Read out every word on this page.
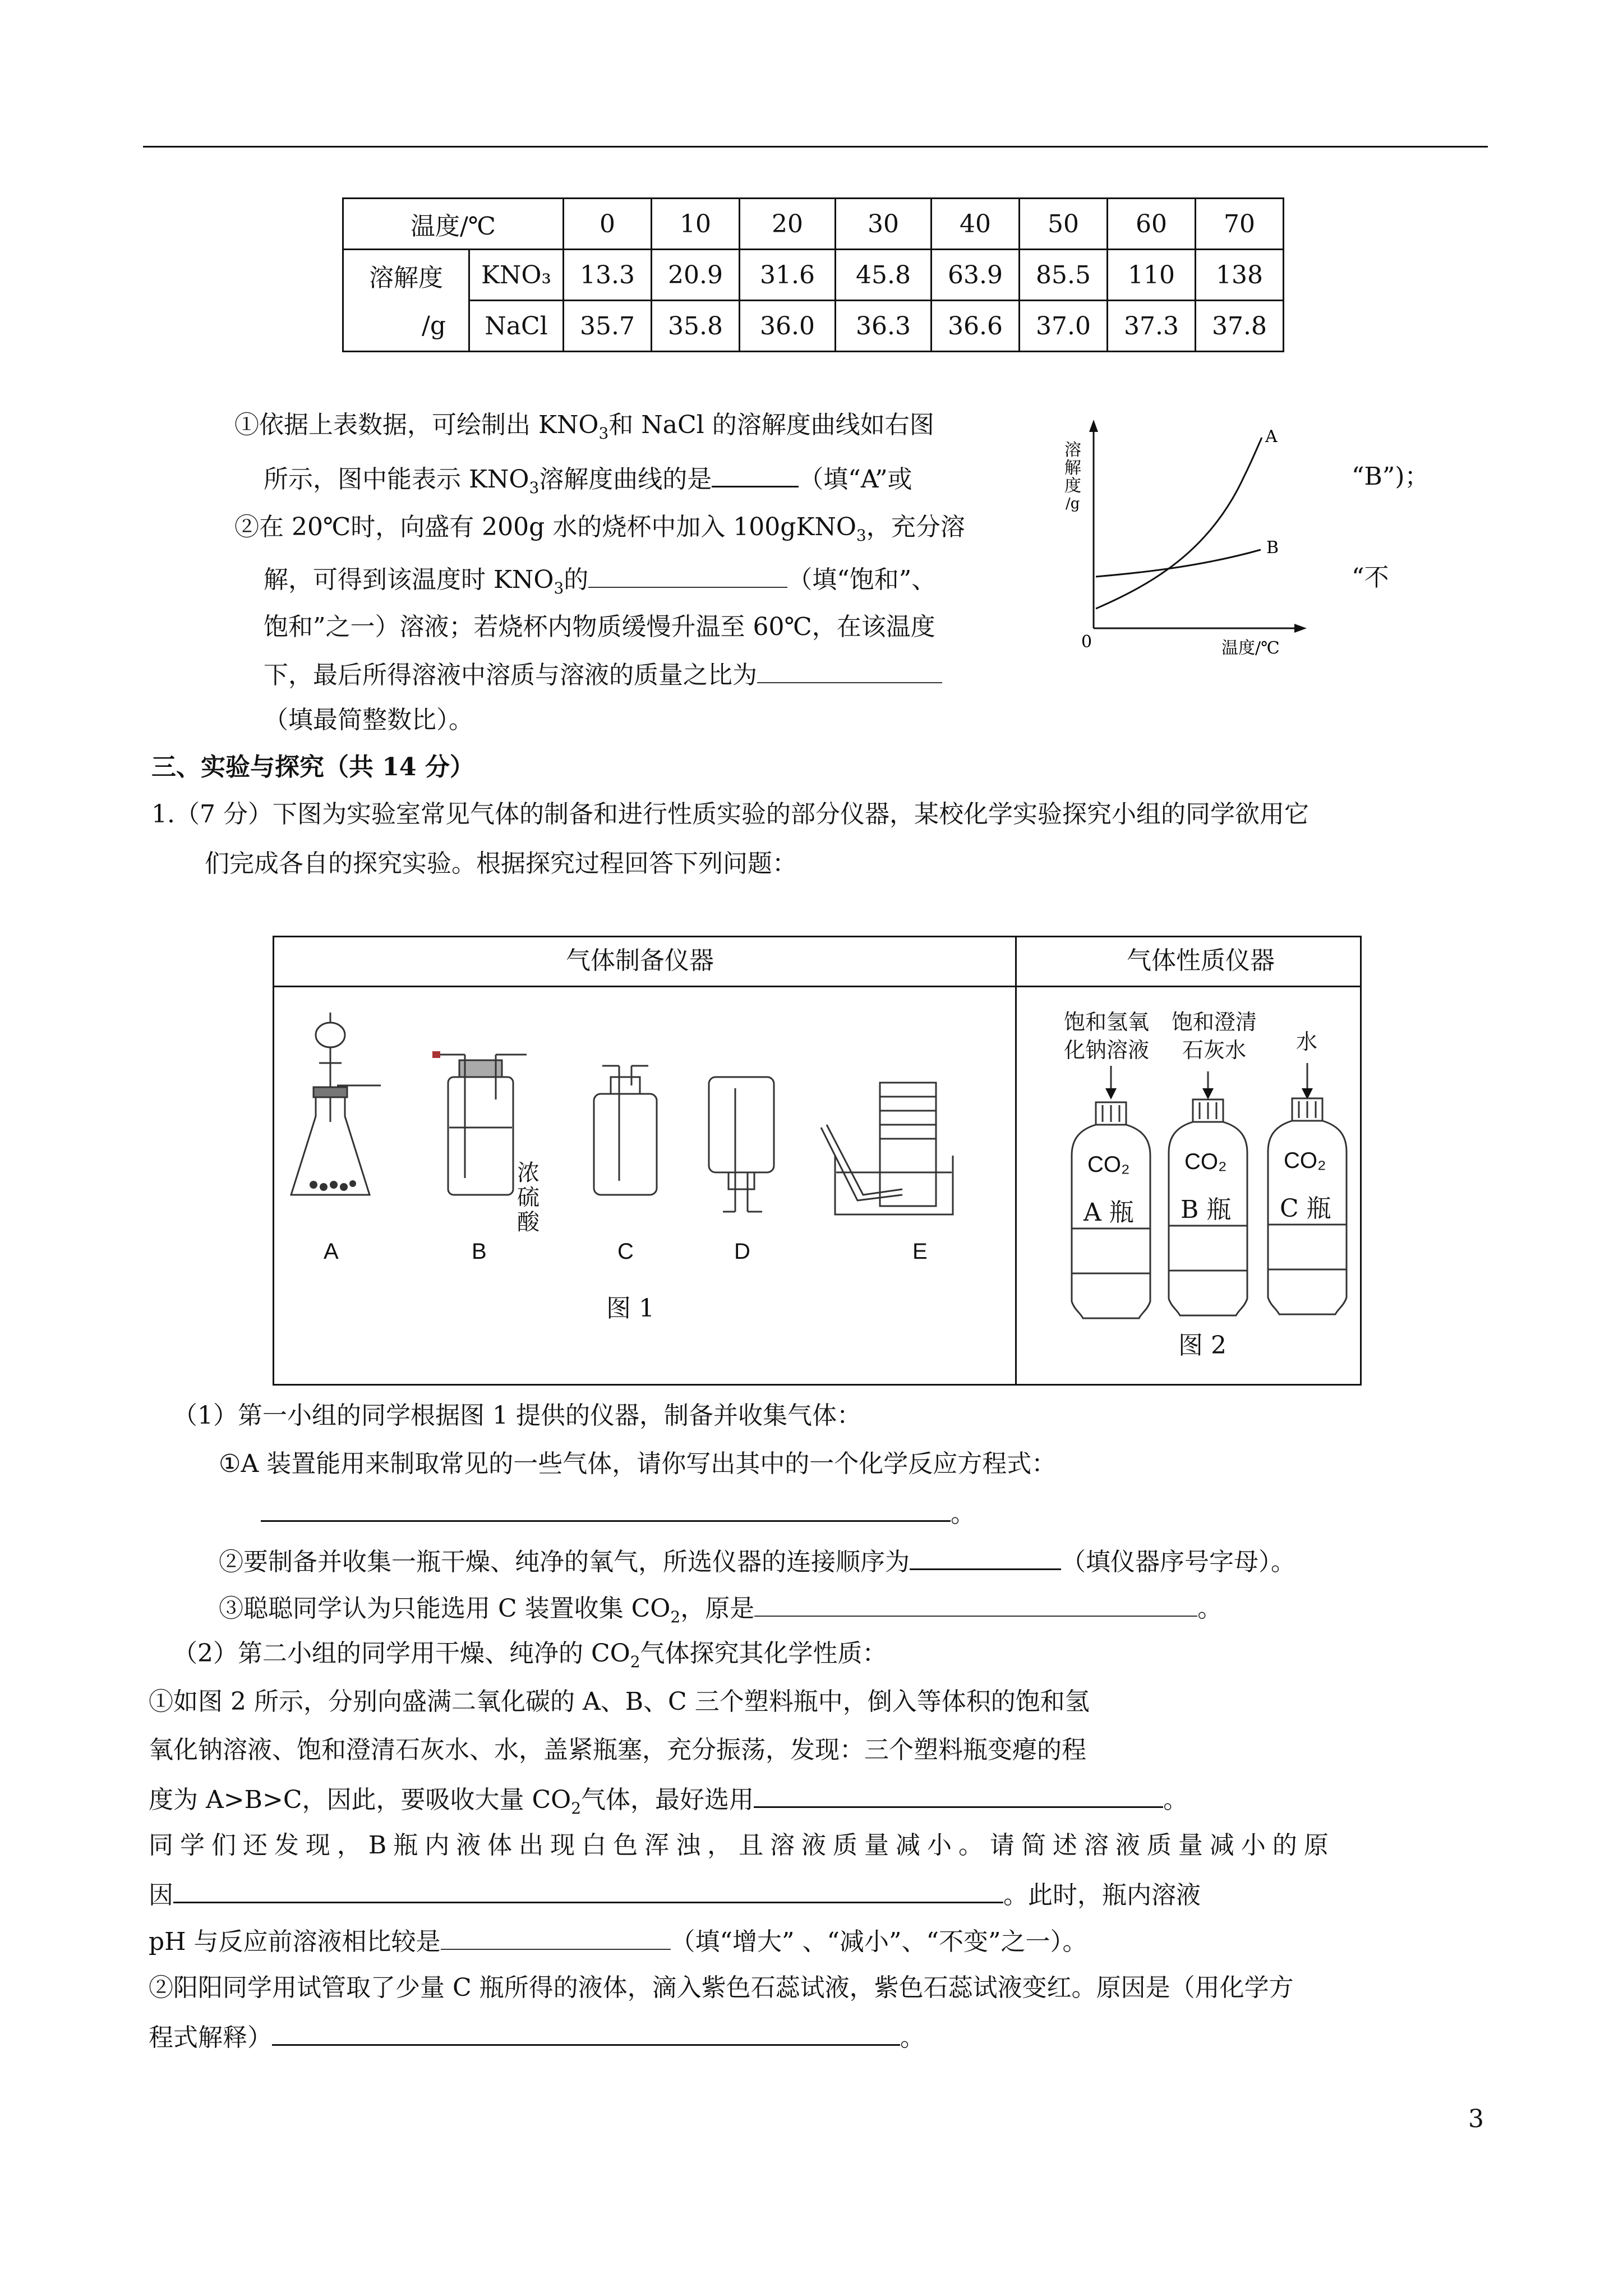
温度/℃		0	10	20	30	40	50	60	70
溶解度	KNO₃	13.3	20.9	31.6	45.8	63.9	85.5	110	138
/g	NaCl	35.7	35.8	36.0	36.3	36.6	37.0	37.3	37.8
①依据上表数据，可绘制出 $KNO_3$和 NaCl 的溶解度曲线如右图
所示，图中能表示 $KNO_3$溶解度曲线的是	（填“A”或	“B”)；
②在 20℃时，向盛有 200g 水的烧杯中加入 100gKNO$_3$，充分溶
解，可得到该温度时 $KNO_3$的	（填“饱和”、	“不
饱和”之一）溶液；若烧杯内物质缓慢升温至 60℃，在该温度
下，最后所得溶液中溶质与溶液的质量之比为
（填最简整数比）。
溶
解
度
/g
0	温度/℃
A
B
三、实验与探究（共 14 分）
1.（7 分）下图为实验室常见气体的制备和进行性质实验的部分仪器，某校化学实验探究小组的同学欲用它
们完成各自的探究实验。根据探究过程回答下列问题：
气体制备仪器	气体性质仪器
浓
硫
酸
A	B	C	D	E
图 1
饱和氢氧
化钠溶液
饱和澄清
石灰水	水
CO₂ CO₂	CO₂
A 瓶 B 瓶 C 瓶
图 2
（1）第一小组的同学根据图 1 提供的仪器，制备并收集气体：
①A 装置能用来制取常见的一些气体，请你写出其中的一个化学反应方程式：
。
②要制备并收集一瓶干燥、纯净的氧气，所选仪器的连接顺序为	（填仪器序号字母）。
③聪聪同学认为只能选用 C 装置收集 $CO_2$，原是	。
（2）第二小组的同学用干燥、纯净的 $CO_2$气体探究其化学性质：
①如图 2 所示，分别向盛满二氧化碳的 A、B、C 三个塑料瓶中，倒入等体积的饱和氢
氧化钠溶液、饱和澄清石灰水、水，盖紧瓶塞，充分振荡，发现：三个塑料瓶变瘪的程
度为 A>B>C，因此，要吸收大量 $CO_2$气体，最好选用	。
同 学 们 还 发 现 ， B 瓶 内 液 体 出 现 白 色 浑 浊 ， 且 溶 液 质 量 减 小 。 请 简 述 溶 液 质 量 减 小 的 原
因	。此时，瓶内溶液
pH 与反应前溶液相比较是	（填“增大” 、“减小”、“不变”之一）。
②阳阳同学用试管取了少量 C 瓶所得的液体，滴入紫色石蕊试液，紫色石蕊试液变红。原因是（用化学方
程式解释）	。
3
